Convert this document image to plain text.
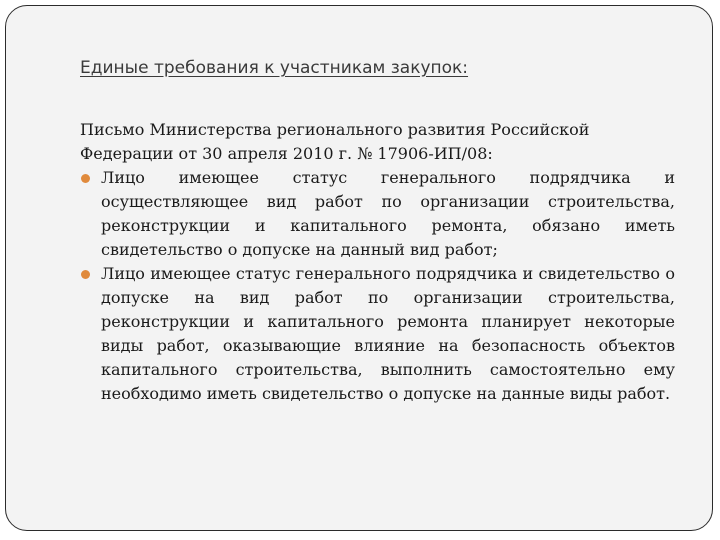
Единые требования к участникам закупок:

Письмо Министерства регионального развития Российской Федерации от 30 апреля 2010 г. № 17906-ИП/08:

Лицо имеющее статус генерального подрядчика и осуществляющее вид работ по организации строительства, реконструкции и капитального ремонта, обязано иметь свидетельство о допуске на данный вид работ;
Лицо имеющее статус генерального подрядчика и свидетельство о допуске на вид работ по организации строительства, реконструкции и капитального ремонта планирует некоторые виды работ, оказывающие влияние на безопасность объектов капитального строительства, выполнить самостоятельно ему необходимо иметь свидетельство о допуске на данные виды работ.
